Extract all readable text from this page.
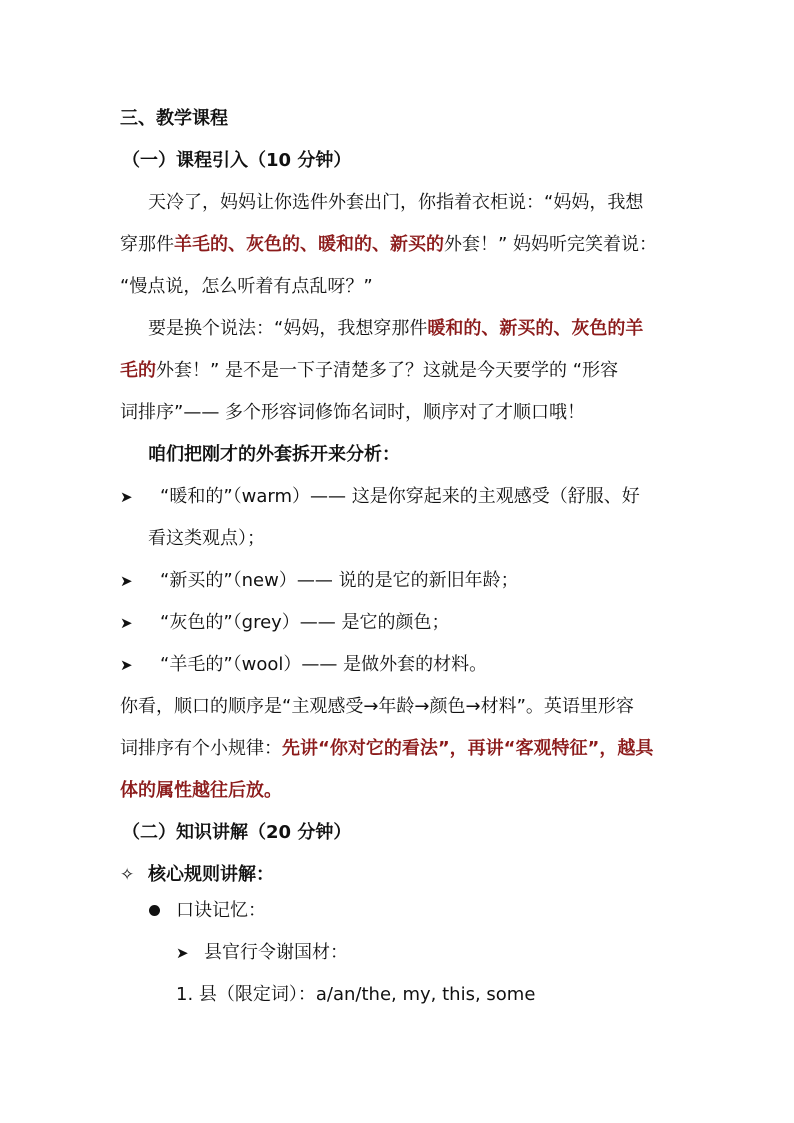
三、教学课程
（一）课程引入（10 分钟）
天冷了，妈妈让你选件外套出门，你指着衣柜说：“妈妈，我想
穿那件羊毛的、灰色的、暖和的、新买的外套！” 妈妈听完笑着说：
“慢点说，怎么听着有点乱呀？”
要是换个说法：“妈妈，我想穿那件暖和的、新买的、灰色的羊
毛的外套！” 是不是一下子清楚多了？这就是今天要学的 “形容
词排序”—— 多个形容词修饰名词时，顺序对了才顺口哦！
咱们把刚才的外套拆开来分析：
➤ “暖和的”（warm）—— 这是你穿起来的主观感受（舒服、好
看这类观点）；
➤ “新买的”（new）—— 说的是它的新旧年龄；
➤ “灰色的”（grey）—— 是它的颜色；
➤ “羊毛的”（wool）—— 是做外套的材料。
你看，顺口的顺序是“主观感受→年龄→颜色→材料”。英语里形容
词排序有个小规律：先讲“你对它的看法”，再讲“客观特征”，越具
体的属性越往后放。
（二）知识讲解（20 分钟）
✧ 核心规则讲解：
口诀记忆：
➤ 县官行令谢国材：
1. 县（限定词）：a/an/the, my, this, some
